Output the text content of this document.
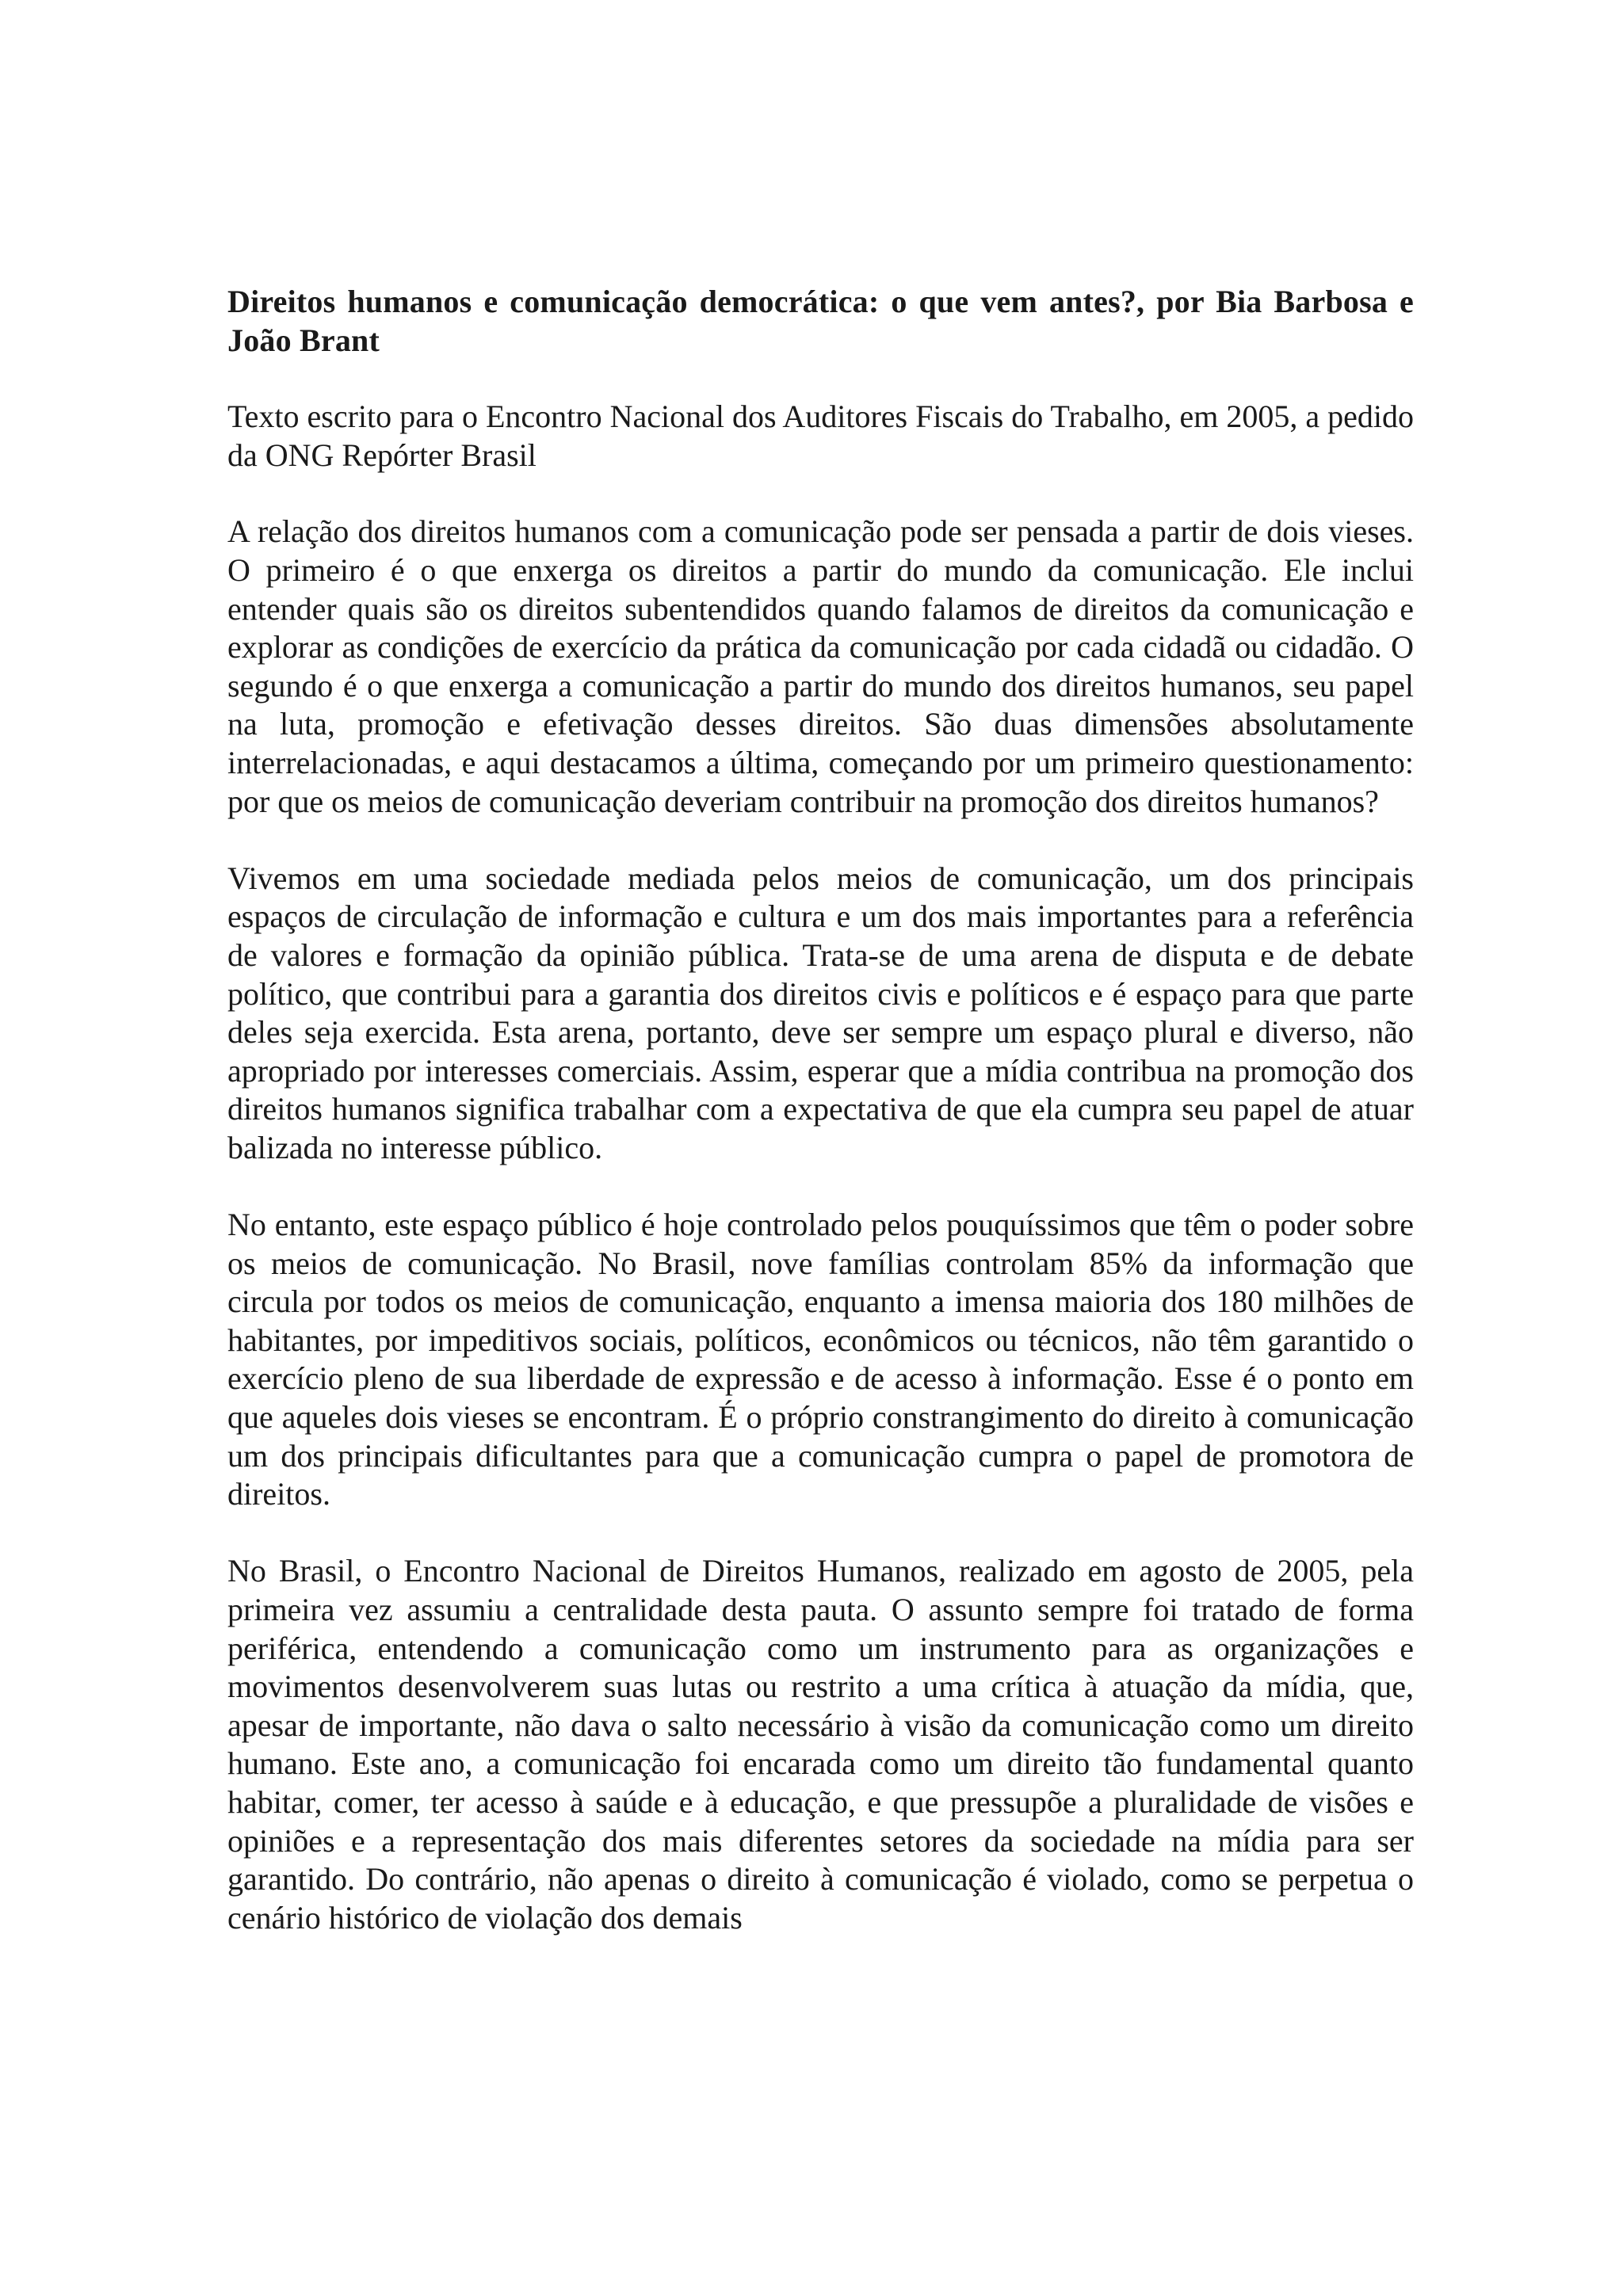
Direitos humanos e comunicação democrática: o que vem antes?, por Bia Barbosa e João Brant
Texto escrito para o Encontro Nacional dos Auditores Fiscais do Trabalho, em 2005, a pedido da ONG Repórter Brasil
A relação dos direitos humanos com a comunicação pode ser pensada a partir de dois vieses. O primeiro é o que enxerga os direitos a partir do mundo da comunicação. Ele inclui entender quais são os direitos subentendidos quando falamos de direitos da comunicação e explorar as condições de exercício da prática da comunicação por cada cidadã ou cidadão. O segundo é o que enxerga a comunicação a partir do mundo dos direitos humanos, seu papel na luta, promoção e efetivação desses direitos. São duas dimensões absolutamente interrelacionadas, e aqui destacamos a última, começando por um primeiro questionamento: por que os meios de comunicação deveriam contribuir na promoção dos direitos humanos?
Vivemos em uma sociedade mediada pelos meios de comunicação, um dos principais espaços de circulação de informação e cultura e um dos mais importantes para a referência de valores e formação da opinião pública. Trata-se de uma arena de disputa e de debate político, que contribui para a garantia dos direitos civis e políticos e é espaço para que parte deles seja exercida. Esta arena, portanto, deve ser sempre um espaço plural e diverso, não apropriado por interesses comerciais. Assim, esperar que a mídia contribua na promoção dos direitos humanos significa trabalhar com a expectativa de que ela cumpra seu papel de atuar balizada no interesse público.
No entanto, este espaço público é hoje controlado pelos pouquíssimos que têm o poder sobre os meios de comunicação. No Brasil, nove famílias controlam 85% da informação que circula por todos os meios de comunicação, enquanto a imensa maioria dos 180 milhões de habitantes, por impeditivos sociais, políticos, econômicos ou técnicos, não têm garantido o exercício pleno de sua liberdade de expressão e de acesso à informação. Esse é o ponto em que aqueles dois vieses se encontram. É o próprio constrangimento do direito à comunicação um dos principais dificultantes para que a comunicação cumpra o papel de promotora de direitos.
No Brasil, o Encontro Nacional de Direitos Humanos, realizado em agosto de 2005, pela primeira vez assumiu a centralidade desta pauta. O assunto sempre foi tratado de forma periférica, entendendo a comunicação como um instrumento para as organizações e movimentos desenvolverem suas lutas ou restrito a uma crítica à atuação da mídia, que, apesar de importante, não dava o salto necessário à visão da comunicação como um direito humano. Este ano, a comunicação foi encarada como um direito tão fundamental quanto habitar, comer, ter acesso à saúde e à educação, e que pressupõe a pluralidade de visões e opiniões e a representação dos mais diferentes setores da sociedade na mídia para ser garantido. Do contrário, não apenas o direito à comunicação é violado, como se perpetua o cenário histórico de violação dos demais
